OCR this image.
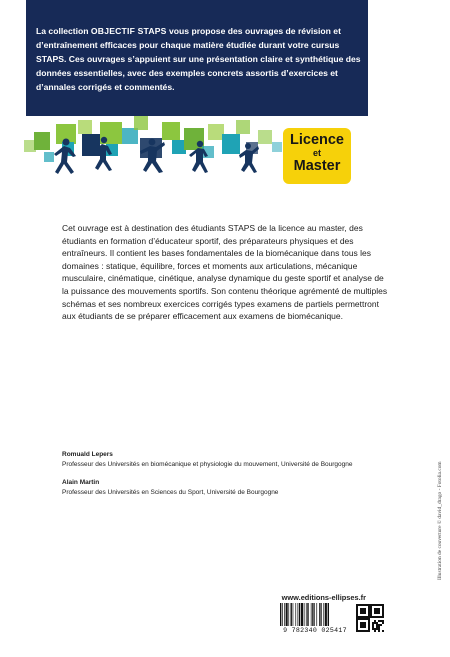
La collection OBJECTIF STAPS vous propose des ouvrages de révision et d’entraînement efficaces pour chaque matière étudiée durant votre cursus STAPS. Ces ouvrages s’appuient sur une présentation claire et synthétique des données essentielles, avec des exemples concrets assortis d’exercices et d’annales corrigés et commentés.

Licence
et
Master

Cet ouvrage est à destination des étudiants STAPS de la licence au master, des étudiants en formation d’éducateur sportif, des préparateurs physiques et des entraîneurs. Il contient les bases fondamentales de la biomécanique dans tous les domaines : statique, équilibre, forces et moments aux articulations, mécanique musculaire, cinématique, cinétique, analyse dynamique du geste sportif et analyse de la puissance des mouvements sportifs. Son contenu théorique agrémenté de multiples schémas et ses nombreux exercices corrigés types examens de partiels permettront aux étudiants de se préparer efficacement aux examens de biomécanique.

Romuald Lepers
Professeur des Universités en biomécanique et physiologie du mouvement, Université de Bourgogne
Alain Martin
Professeur des Universités en Sciences du Sport, Université de Bourgogne
www.editions-ellipses.fr
9 782340 025417
Illustration de couverture © david_drago - Fotolia.com
